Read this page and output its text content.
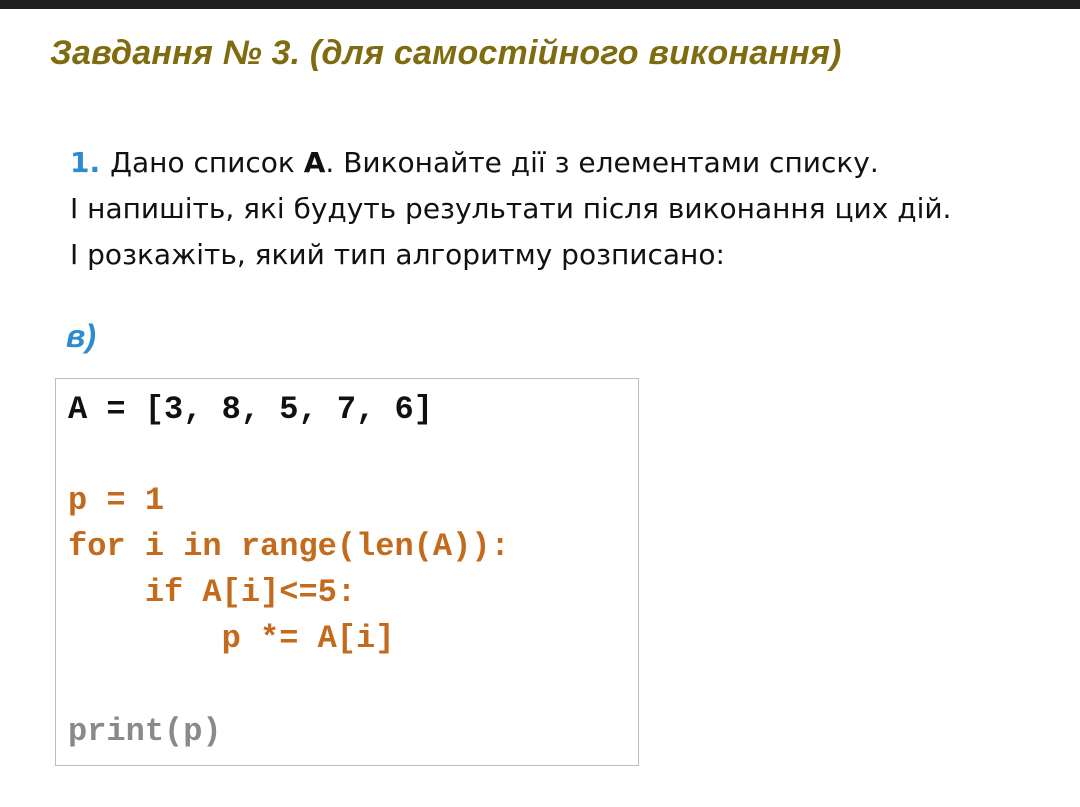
Завдання № 3. (для самостійного виконання)
1. Дано список А. Виконайте дії з елементами списку.
І напишіть, які будуть результати після виконання цих дій.
І розкажіть, який тип алгоритму розписано:
в)
A = [3, 8, 5, 7, 6]
p = 1
for i in range(len(A)):
if A[i]<=5:
p *= A[i]
print(p)
